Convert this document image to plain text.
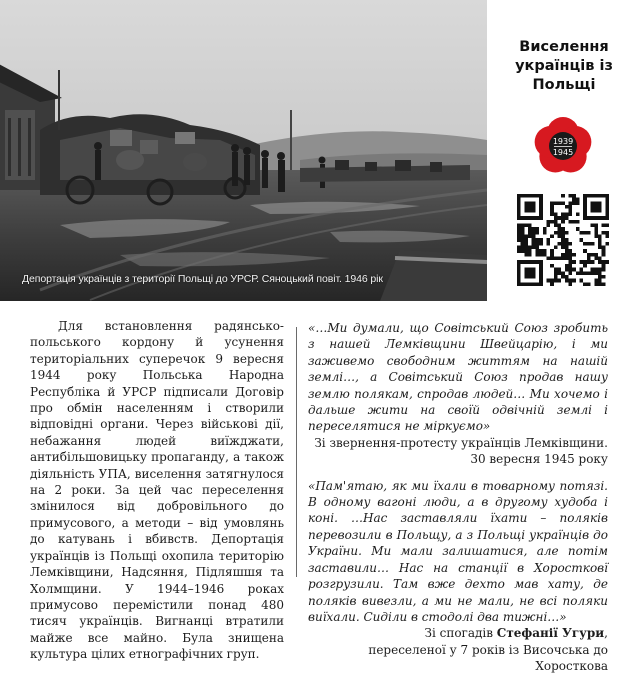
Депортація українців з території Польщі до УРСР. Сяноцький повіт. 1946 рік
Виселення
українців із
Польщі
1939
1945

Для встановлення радянсько-польського кордону й усунення територіальних суперечок 9 вересня 1944 року Польська Народна Республіка й УРСР підписали Договір про обмін населенням і створили відповідні органи. Через військові дії, небажання людей виїжджати, антибільшовицьку пропаганду, а також діяльність УПА, виселення затягнулося на 2 роки. За цей час переселення змінилося від добровільного до примусового, а методи – від умовлянь до катувань і вбивств. Депортація українців із Польщі охопила територію Лемківщини, Надсяння, Підляшшя та Холмщини. У 1944–1946 роках примусово перемістили понад 480 тисяч українців. Вигнанці втратили майже все майно. Була знищена культура цілих етнографічних груп.

«…Ми думали, що Совітський Союз зробить з нашей Лемківщини Швейцарію, і ми заживемо свободним життям на нашій землі…, а Совітський Союз продав нашу землю полякам, спродав людей… Ми хочемо і дальше жити на своїй одвічній землі і переселятися не міркуємо»

Зі звернення-протесту українців Лемківщини.

30 вересня 1945 року

«Пам'ятаю, як ми їхали в товарному потязі. В одному вагоні люди, а в другому худоба і коні. …Нас заставляли їхати – поляків перевозили в Польщу, а з Польщі українців до України. Ми мали залишатися, але потім заставили… Нас на станції в Хоростковї розгрузили. Там вже дехто мав хату, де поляків вивезли, а ми не мали, не всі поляки виїхали. Сиділи в стодолі два тижні…»

Зі спогадів Стефанії Угури,

переселеної у 7 років із Височська до Хоросткова
